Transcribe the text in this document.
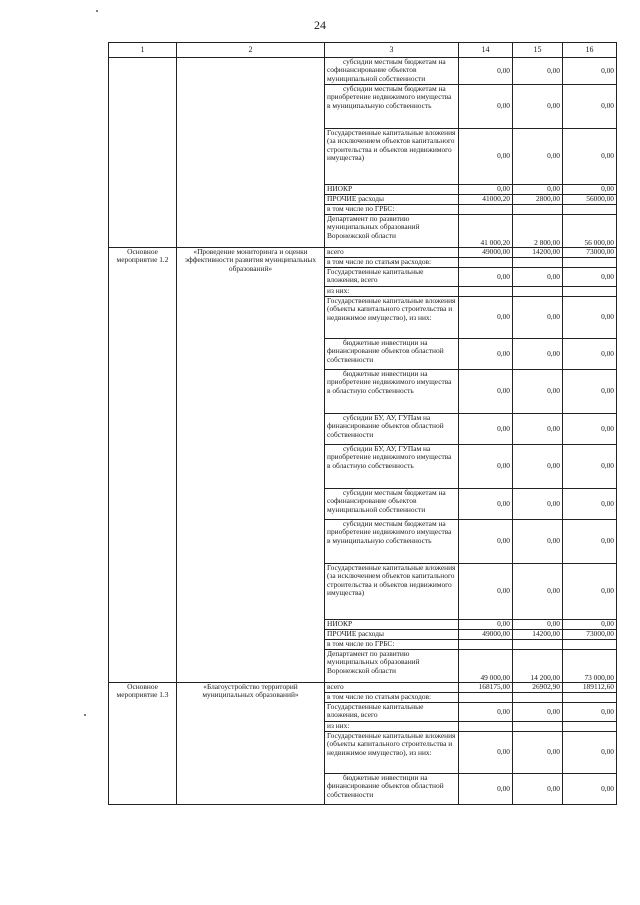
24
1	2	3	14	15	16
		субсидии местным бюджетам на софинансирование объектов муниципальной собственности	0,00	0,00	0,00
		субсидии местным бюджетам на приобретение недвижимого имущества в муниципальную собственность	0,00	0,00	0,00
		Государственные капитальные вложения (за исключением объектов капитального строительства и объектов недвижимого имущества)	0,00	0,00	0,00
		НИОКР	0,00	0,00	0,00
		ПРОЧИЕ расходы	41000,20	2800,00	56000,00
		в том числе по ГРБС:			
		Департамент по развитию муниципальных образований Воронежской области	41 000,20	2 800,00	56 000,00
Основное мероприятие 1.2	«Проведение мониторинга и оценки эффективности развития муниципальных образований»	всего	49000,00	14200,00	73000,00
		в том числе по статьям расходов:			
		Государственные капитальные вложения, всего	0,00	0,00	0,00
		из них:			
		Государственные капитальные вложения (объекты капитального строительства и недвижимое имущество), из них:	0,00	0,00	0,00
		бюджетные инвестиции на финансирование объектов областной собственности	0,00	0,00	0,00
		бюджетные инвестиции на приобретение недвижимого имущества в областную собственность	0,00	0,00	0,00
		субсидии БУ, АУ, ГУПам на финансирование объектов областной собственности	0,00	0,00	0,00
		субсидии БУ, АУ, ГУПам на приобретение недвижимого имущества в областную собственность	0,00	0,00	0,00
		субсидии местным бюджетам на софинансирование объектов муниципальной собственности	0,00	0,00	0,00
		субсидии местным бюджетам на приобретение недвижимого имущества в муниципальную собственность	0,00	0,00	0,00
		Государственные капитальные вложения (за исключением объектов капитального строительства и объектов недвижимого имущества)	0,00	0,00	0,00
		НИОКР	0,00	0,00	0,00
		ПРОЧИЕ расходы	49000,00	14200,00	73000,00
		в том числе по ГРБС:			
		Департамент по развитию муниципальных образований Воронежской области	49 000,00	14 200,00	73 000,00
Основное мероприятие 1.3	«Благоустройство территорий муниципальных образований»	всего	168175,00	26902,90	189112,60
		в том числе по статьям расходов:			
		Государственные капитальные вложения, всего	0,00	0,00	0,00
		из них:			
		Государственные капитальные вложения (объекты капитального строительства и недвижимое имущество), из них:	0,00	0,00	0,00
		бюджетные инвестиции на финансирование объектов областной собственности	0,00	0,00	0,00
